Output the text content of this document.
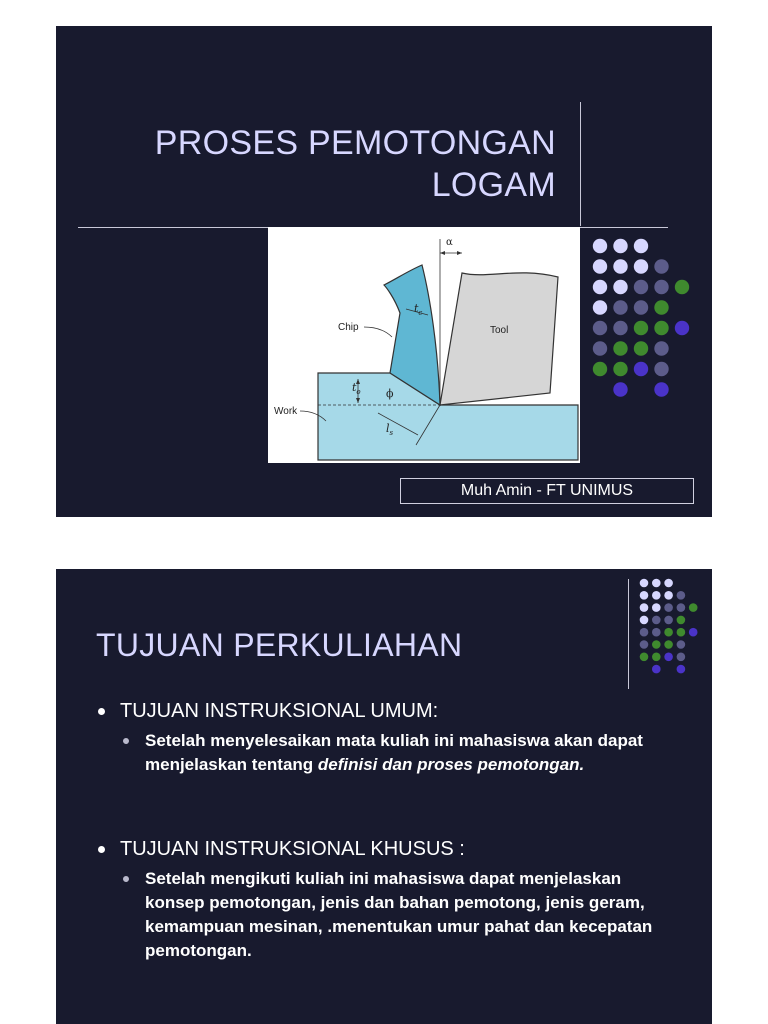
PROSES PEMOTONGAN
LOGAM
α
$t_c$
$t_o$ ϕ
$l_s$
Chip	Tool
Work
Muh Amin - FT UNIMUS
TUJUAN PERKULIAHAN
TUJUAN INSTRUKSIONAL UMUM:
Setelah menyelesaikan mata kuliah ini mahasiswa akan dapat menjelaskan tentang definisi dan proses pemotongan.
TUJUAN INSTRUKSIONAL KHUSUS :
Setelah mengikuti kuliah ini mahasiswa dapat menjelaskan konsep pemotongan, jenis dan bahan pemotong, jenis geram, kemampuan mesinan, .menentukan umur pahat dan kecepatan pemotongan.
